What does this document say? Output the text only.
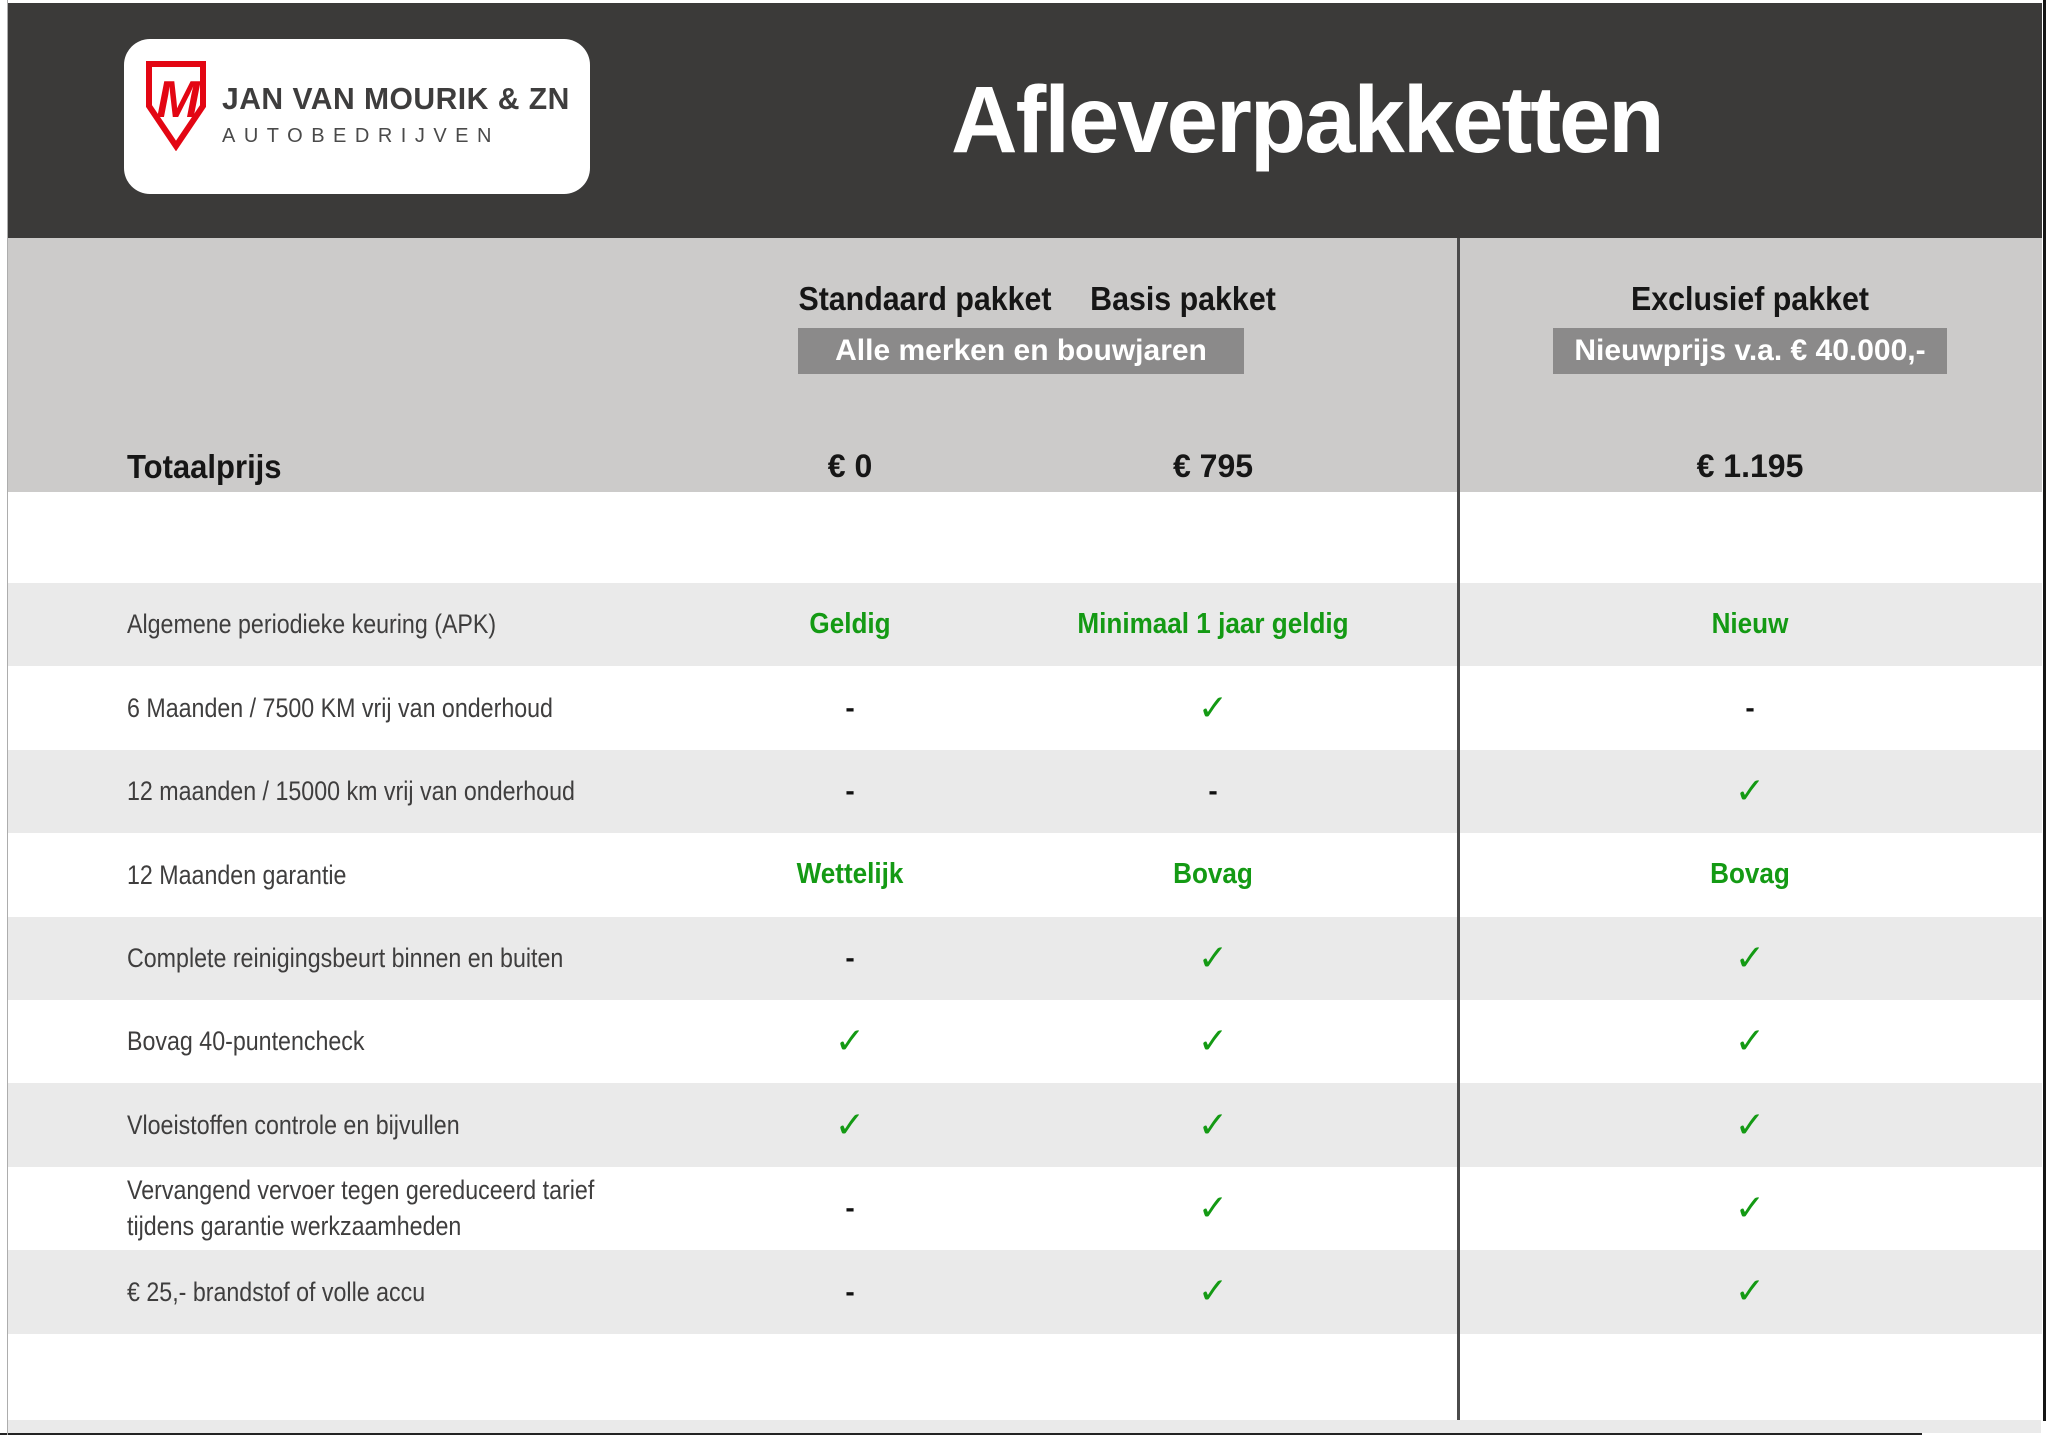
M JAN VAN MOURIK & ZN
AUTOBEDRIJVEN	Afleverpakketten
Standaard pakket	Basis pakket	Exclusief pakket
Alle merken en bouwjaren	Nieuwprijs v.a. € 40.000,-
Totaalprijs	€ 0	€ 795	€ 1.195
Algemene periodieke keuring (APK)	Geldig	Minimaal 1 jaar geldig	Nieuw
6 Maanden / 7500 KM vrij van onderhoud	-	✓	-
12 maanden / 15000 km vrij van onderhoud	-	-	✓
12 Maanden garantie	Wettelijk	Bovag	Bovag
Complete reinigingsbeurt binnen en buiten	-	✓	✓
Bovag 40-puntencheck	✓	✓	✓
Vloeistoffen controle en bijvullen	✓	✓	✓
Vervangend vervoer tegen gereduceerd tarief
tijdens garantie werkzaamheden
-	✓	✓
€ 25,- brandstof of volle accu	-	✓	✓
